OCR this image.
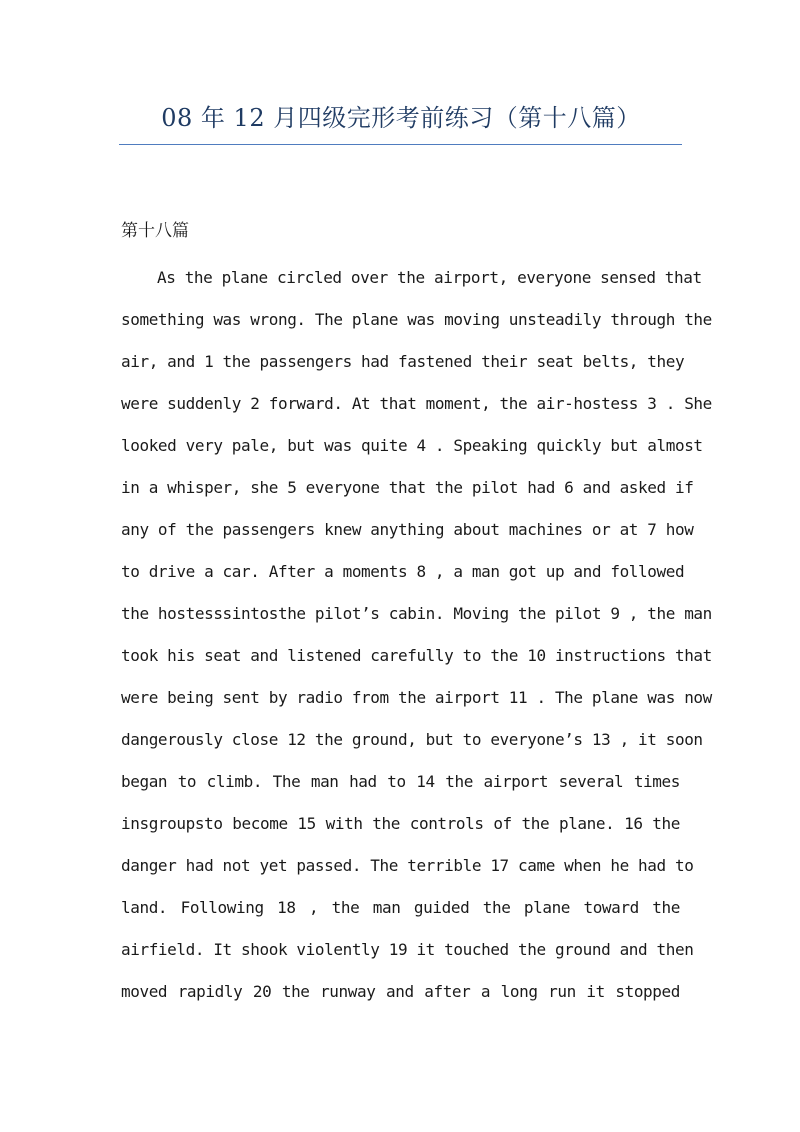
08 年 12 月四级完形考前练习（第十八篇）
第十八篇
As the plane circled over the airport, everyone sensed that
something was wrong. The plane was moving unsteadily through the
air, and 1 the passengers had fastened their seat belts, they
were suddenly 2 forward. At that moment, the air-hostess 3 . She
looked very pale, but was quite 4 . Speaking quickly but almost
in a whisper, she 5 everyone that the pilot had 6 and asked if
any of the passengers knew anything about machines or at 7 how
to drive a car. After a moments 8 , a man got up and followed
the hostesssintosthe pilot’s cabin. Moving the pilot 9 , the man
took his seat and listened carefully to the 10 instructions that
were being sent by radio from the airport 11 . The plane was now
dangerously close 12 the ground, but to everyone’s 13 , it soon
began to climb. The man had to 14 the airport several times
insgroupsto become 15 with the controls of the plane. 16 the
danger had not yet passed. The terrible 17 came when he had to
land. Following 18 , the man guided the plane toward the
airfield. It shook violently 19 it touched the ground and then
moved rapidly 20 the runway and after a long run it stopped
